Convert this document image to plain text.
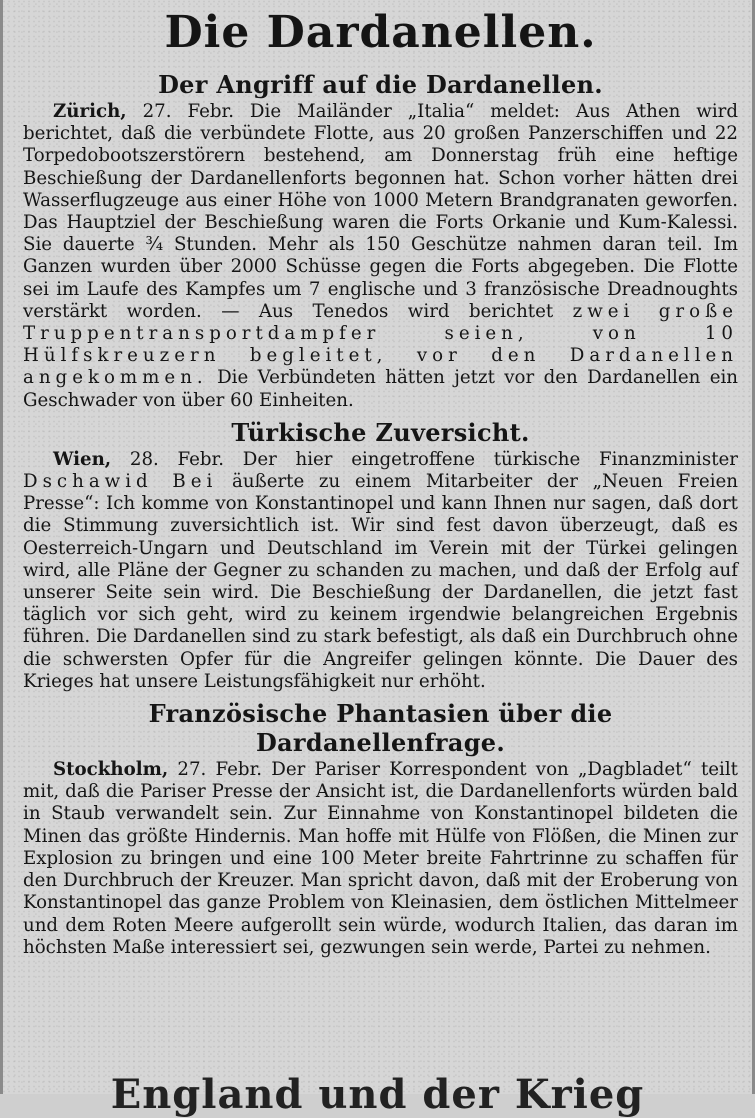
Die Dardanellen.
Der Angriff auf die Dardanellen.

Zürich, 27. Febr. Die Mailänder „Italia“ meldet: Aus Athen wird berichtet, daß die verbündete Flotte, aus 20 großen Panzerschiffen und 22 Torpedobootszerstörern bestehend, am Donnerstag früh eine heftige Beschießung der Dardanellenforts begonnen hat. Schon vorher hätten drei Wasserflugzeuge aus einer Höhe von 1000 Metern Brandgranaten geworfen. Das Hauptziel der Beschießung waren die Forts Orkanie und Kum-Kalessi. Sie dauerte ¾ Stunden. Mehr als 150 Geschütze nahmen daran teil. Im Ganzen wurden über 2000 Schüsse gegen die Forts abgegeben. Die Flotte sei im Laufe des Kampfes um 7 englische und 3 französische Dreadnoughts verstärkt worden. — Aus Tenedos wird berichtet zwei große Truppentransportdampfer seien, von 10 Hülfskreuzern begleitet, vor den Dardanellen angekommen. Die Verbündeten hätten jetzt vor den Dardanellen ein Geschwader von über 60 Einheiten.

Türkische Zuversicht.

Wien, 28. Febr. Der hier eingetroffene türkische Finanzminister Dschawid Bei äußerte zu einem Mitarbeiter der „Neuen Freien Presse“: Ich komme von Konstantinopel und kann Ihnen nur sagen, daß dort die Stimmung zuversichtlich ist. Wir sind fest davon überzeugt, daß es Oesterreich-Ungarn und Deutschland im Verein mit der Türkei gelingen wird, alle Pläne der Gegner zu schanden zu machen, und daß der Erfolg auf unserer Seite sein wird. Die Beschießung der Dardanellen, die jetzt fast täglich vor sich geht, wird zu keinem irgendwie belangreichen Ergebnis führen. Die Dardanellen sind zu stark befestigt, als daß ein Durchbruch ohne die schwersten Opfer für die Angreifer gelingen könnte. Die Dauer des Krieges hat unsere Leistungsfähigkeit nur erhöht.

Französische Phantasien über die Dardanellenfrage.

Stockholm, 27. Febr. Der Pariser Korrespondent von „Dagbladet“ teilt mit, daß die Pariser Presse der Ansicht ist, die Dardanellenforts würden bald in Staub verwandelt sein. Zur Einnahme von Konstantinopel bildeten die Minen das größte Hindernis. Man hoffe mit Hülfe von Flößen, die Minen zur Explosion zu bringen und eine 100 Meter breite Fahrtrinne zu schaffen für den Durchbruch der Kreuzer. Man spricht davon, daß mit der Eroberung von Konstantinopel das ganze Problem von Kleinasien, dem östlichen Mittelmeer und dem Roten Meere aufgerollt sein würde, wodurch Italien, das daran im höchsten Maße interessiert sei, gezwungen sein werde, Partei zu nehmen.

England und der Krieg
